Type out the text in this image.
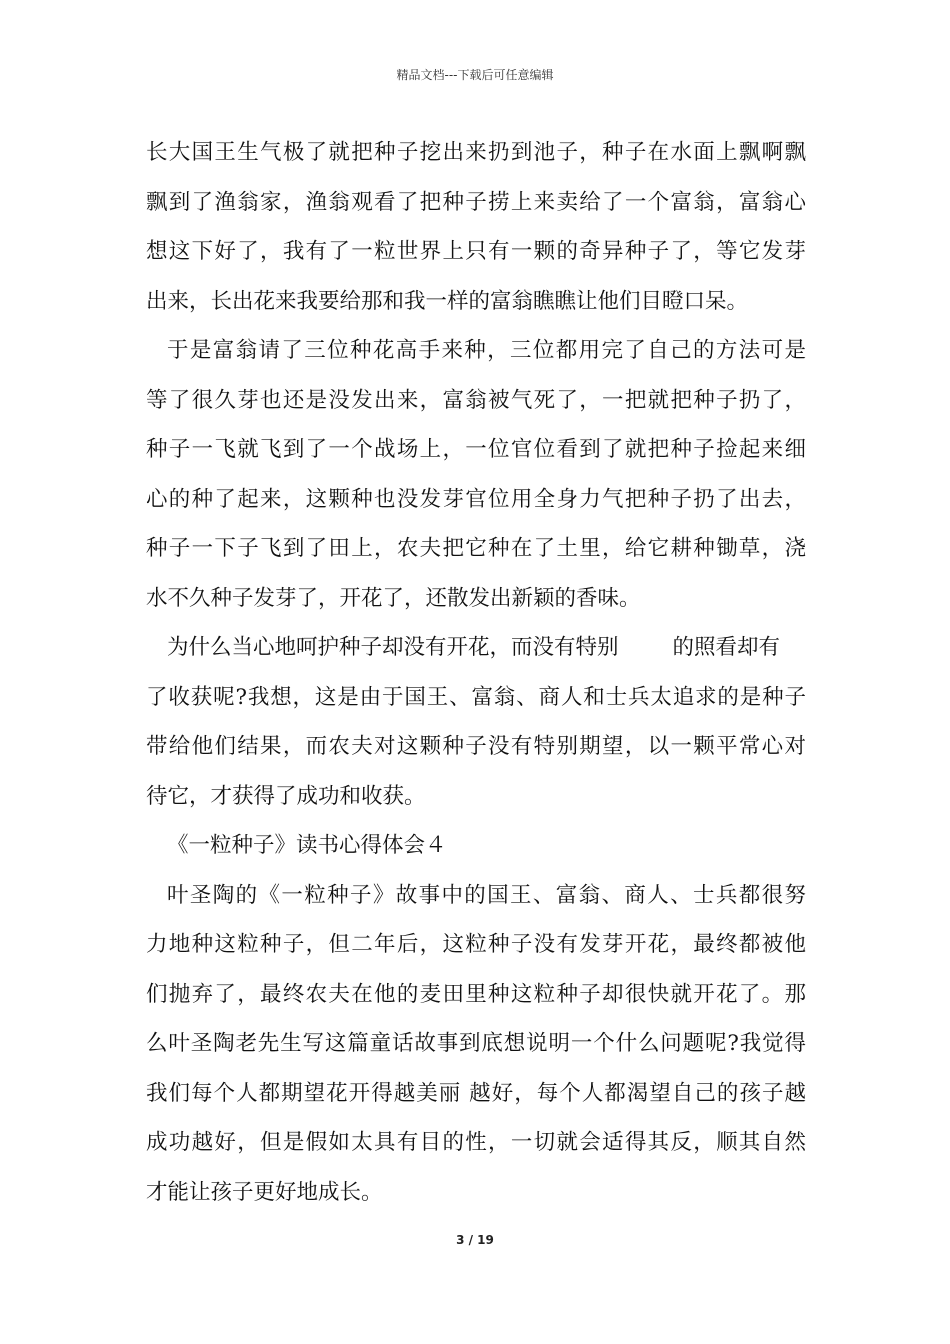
精品文档---下载后可任意编辑
长大国王生气极了就把种子挖出来扔到池子，种子在水面上飘啊飘
飘到了渔翁家，渔翁观看了把种子捞上来卖给了一个富翁，富翁心
想这下好了，我有了一粒世界上只有一颗的奇异种子了，等它发芽
出来，长出花来我要给那和我一样的富翁瞧瞧让他们目瞪口呆。
于是富翁请了三位种花高手来种，三位都用完了自己的方法可是
等了很久芽也还是没发出来，富翁被气死了，一把就把种子扔了，
种子一飞就飞到了一个战场上，一位官位看到了就把种子捡起来细
心的种了起来，这颗种也没发芽官位用全身力气把种子扔了出去，
种子一下子飞到了田上，农夫把它种在了土里，给它耕种锄草，浇
水不久种子发芽了，开花了，还散发出新颖的香味。
为什么当心地呵护种子却没有开花，而没有特别	的照看却有
了收获呢?我想，这是由于国王、富翁、商人和士兵太追求的是种子
带给他们结果，而农夫对这颗种子没有特别期望，以一颗平常心对
待它，才获得了成功和收获。
《一粒种子》读书心得体会４
叶圣陶的《一粒种子》故事中的国王、富翁、商人、士兵都很努
力地种这粒种子，但二年后，这粒种子没有发芽开花，最终都被他
们抛弃了，最终农夫在他的麦田里种这粒种子却很快就开花了。那
么叶圣陶老先生写这篇童话故事到底想说明一个什么问题呢?我觉得
我们每个人都期望花开得越美丽 越好，每个人都渴望自己的孩子越
成功越好，但是假如太具有目的性，一切就会适得其反，顺其自然
才能让孩子更好地成长。
3 / 19
